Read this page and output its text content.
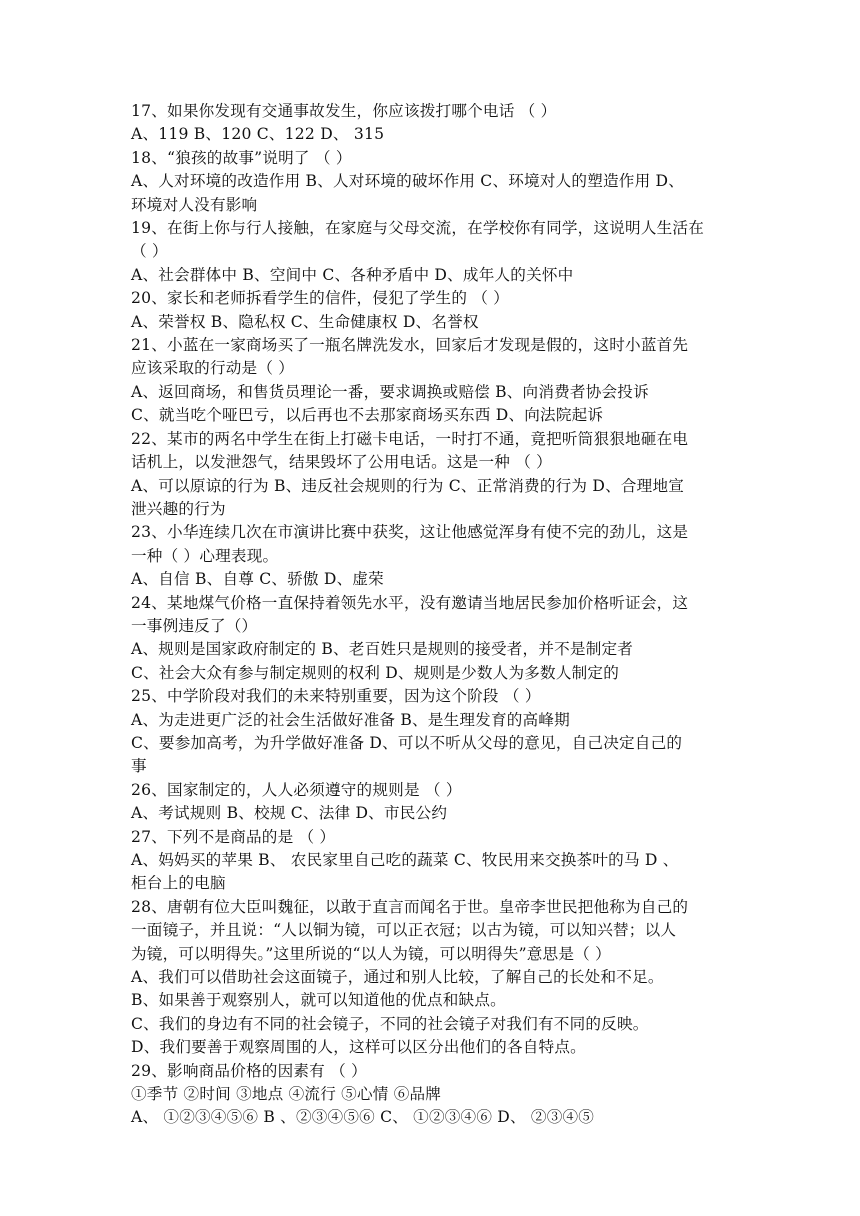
17、如果你发现有交通事故发生，你应该拨打哪个电话 （ ）

A、119 B、120 C、122 D、 315

18、“狼孩的故事”说明了 （ ）

A、人对环境的改造作用 B、人对环境的破坏作用 C、环境对人的塑造作用 D、

环境对人没有影响

19、在街上你与行人接触，在家庭与父母交流，在学校你有同学，这说明人生活在

（ ）

A、社会群体中 B、空间中 C、各种矛盾中 D、成年人的关怀中

20、家长和老师拆看学生的信件，侵犯了学生的 （ ）

A、荣誉权 B、隐私权 C、生命健康权 D、名誉权

21、小蓝在一家商场买了一瓶名牌洗发水，回家后才发现是假的，这时小蓝首先

应该采取的行动是（ ）

A、返回商场，和售货员理论一番，要求调换或赔偿 B、向消费者协会投诉

C、就当吃个哑巴亏，以后再也不去那家商场买东西 D、向法院起诉

22、某市的两名中学生在街上打磁卡电话，一时打不通，竟把听筒狠狠地砸在电

话机上，以发泄怨气，结果毁坏了公用电话。这是一种 （ ）

A、可以原谅的行为 B、违反社会规则的行为 C、正常消费的行为 D、合理地宣

泄兴趣的行为

23、小华连续几次在市演讲比赛中获奖，这让他感觉浑身有使不完的劲儿，这是

一种（ ）心理表现。

A、自信 B、自尊 C、骄傲 D、虚荣

24、某地煤气价格一直保持着领先水平，没有邀请当地居民参加价格听证会，这

一事例违反了（）

A、规则是国家政府制定的 B、老百姓只是规则的接受者，并不是制定者

C、社会大众有参与制定规则的权利 D、规则是少数人为多数人制定的

25、中学阶段对我们的未来特别重要，因为这个阶段 （ ）

A、为走进更广泛的社会生活做好准备 B、是生理发育的高峰期

C、要参加高考，为升学做好准备 D、可以不听从父母的意见，自己决定自己的

事

26、国家制定的，人人必须遵守的规则是 （ ）

A、考试规则 B、校规 C、法律 D、市民公约

27、下列不是商品的是 （ ）

A、妈妈买的苹果 B、 农民家里自己吃的蔬菜 C、牧民用来交换茶叶的马 D 、

柜台上的电脑

28、唐朝有位大臣叫魏征，以敢于直言而闻名于世。皇帝李世民把他称为自己的

一面镜子，并且说：“人以铜为镜，可以正衣冠；以古为镜，可以知兴替；以人

为镜，可以明得失。”这里所说的“以人为镜，可以明得失”意思是（ ）

A、我们可以借助社会这面镜子，通过和别人比较，了解自己的长处和不足。

B、如果善于观察别人，就可以知道他的优点和缺点。

C、我们的身边有不同的社会镜子，不同的社会镜子对我们有不同的反映。

D、我们要善于观察周围的人，这样可以区分出他们的各自特点。

29、影响商品价格的因素有 （ ）

①季节 ②时间 ③地点 ④流行 ⑤心情 ⑥品牌

A、 ①②③④⑤⑥ B 、②③④⑤⑥ C、 ①②③④⑥ D、 ②③④⑤
